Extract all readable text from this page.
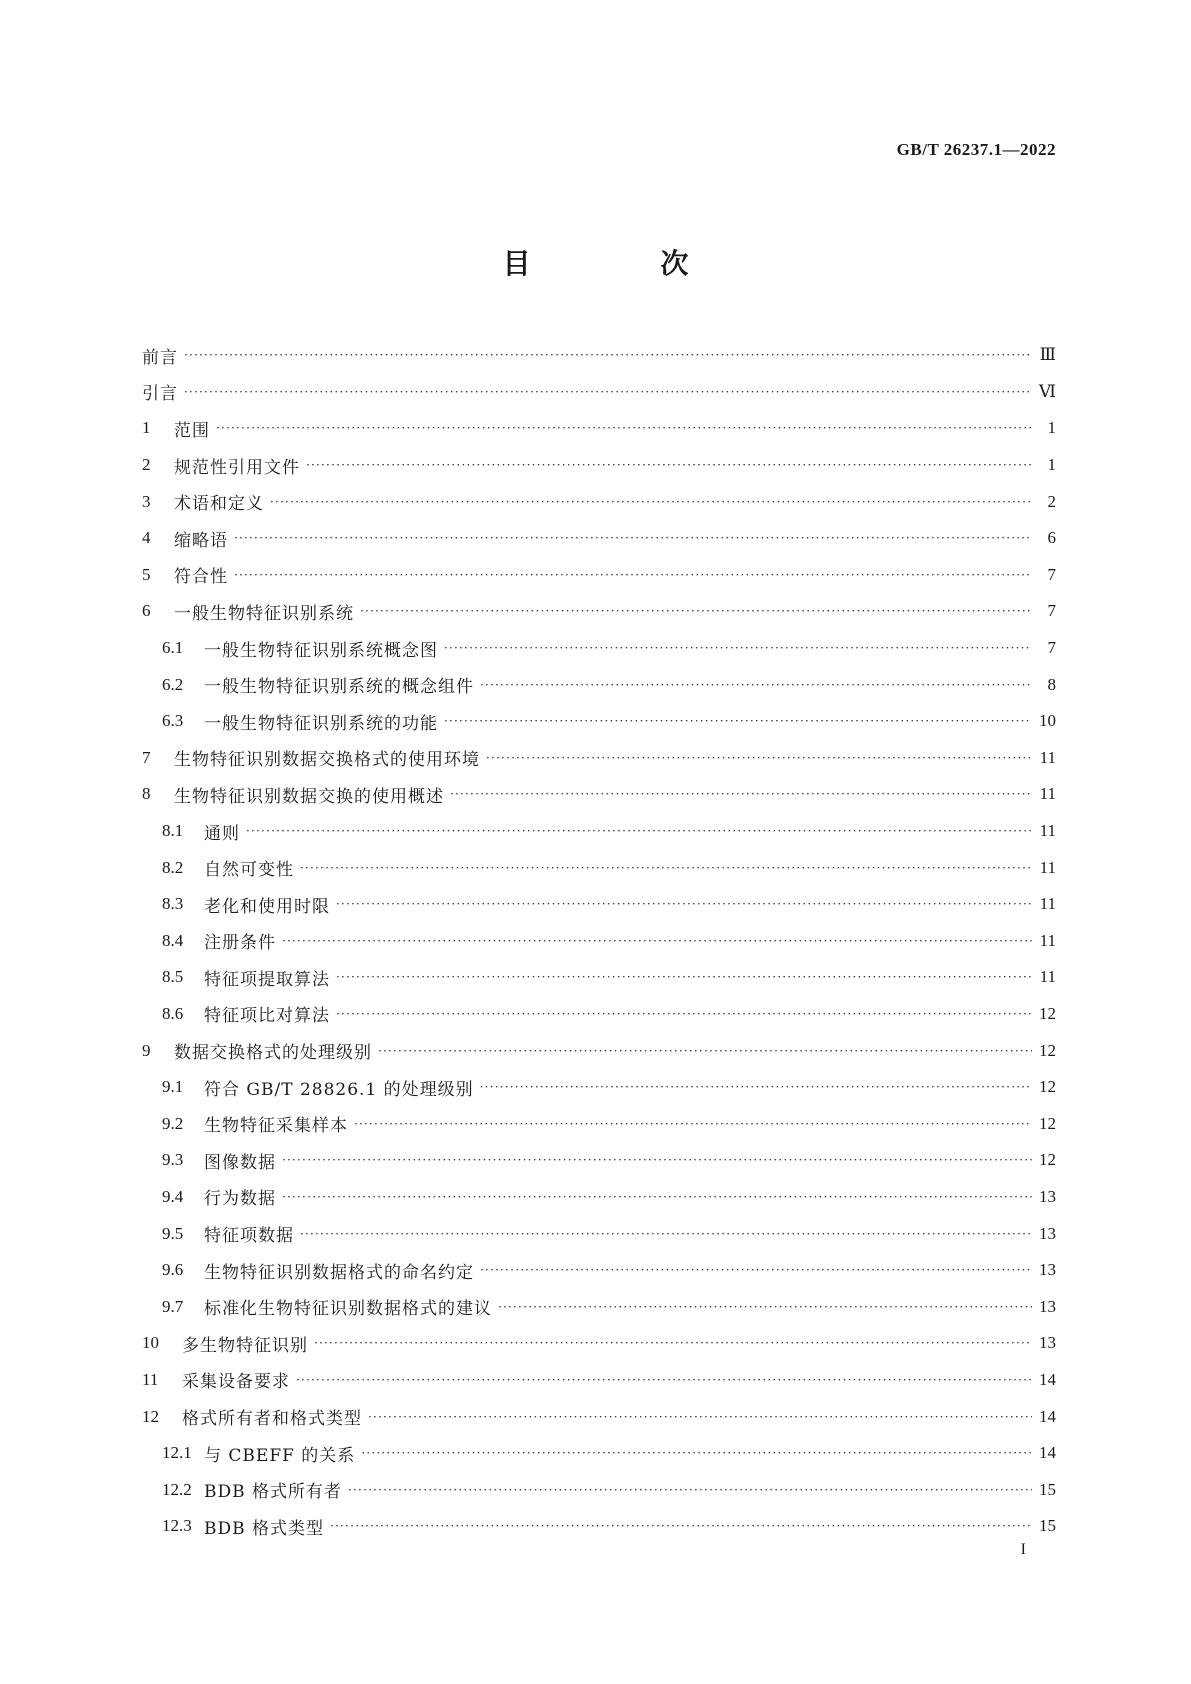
GB/T 26237.1—2022
目 次
前言 ·····	Ⅲ
引言 ·····	Ⅵ
1	范围 ·····	1
2	规范性引用文件 ·····	1
3	术语和定义 ·····	2
4	缩略语 ·····	6
5	符合性 ·····	7
6	一般生物特征识别系统 ·····	7
6.1	一般生物特征识别系统概念图 ·····	7
6.2	一般生物特征识别系统的概念组件 ·····	8
6.3	一般生物特征识别系统的功能 ·····	10
7	生物特征识别数据交换格式的使用环境 ·····	11
8	生物特征识别数据交换的使用概述 ·····	11
8.1	通则 ·····	11
8.2	自然可变性 ·····	11
8.3	老化和使用时限 ·····	11
8.4	注册条件 ·····	11
8.5	特征项提取算法 ·····	11
8.6	特征项比对算法 ·····	12
9	数据交换格式的处理级别 ·····	12
9.1	符合 GB/T 28826.1 的处理级别 ·····	12
9.2	生物特征采集样本 ·····	12
9.3	图像数据 ·····	12
9.4	行为数据 ·····	13
9.5	特征项数据 ·····	13
9.6	生物特征识别数据格式的命名约定 ·····	13
9.7	标准化生物特征识别数据格式的建议 ·····	13
10	多生物特征识别 ·····	13
11	采集设备要求 ·····	14
12	格式所有者和格式类型 ·····	14
12.1 与 CBEFF 的关系 ·····	14
12.2 BDB 格式所有者 ·····	15
12.3 BDB 格式类型 ·····	15
I
